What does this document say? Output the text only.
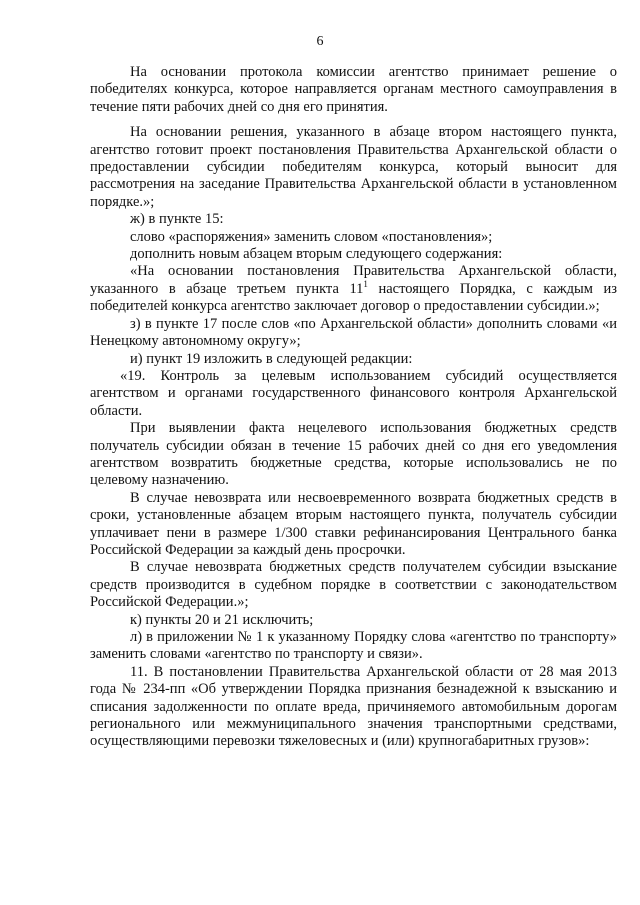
6

На основании протокола комиссии агентство принимает решение о победителях конкурса, которое направляется органам местного самоуправления в течение пяти рабочих дней со дня его принятия.

На основании решения, указанного в абзаце втором настоящего пункта, агентство готовит проект постановления Правительства Архангельской области о предоставлении субсидии победителям конкурса, который выносит для рассмотрения на заседание Правительства Архангельской области в установленном порядке.»;

ж) в пункте 15:

слово «распоряжения» заменить словом «постановления»;

дополнить новым абзацем вторым следующего содержания:

«На основании постановления Правительства Архангельской области, указанного в абзаце третьем пункта $11^1$ настоящего Порядка, с каждым из победителей конкурса агентство заключает договор о предоставлении субсидии.»;

з) в пункте 17 после слов «по Архангельской области» дополнить словами «и Ненецкому автономному округу»;

и) пункт 19 изложить в следующей редакции:

«19. Контроль за целевым использованием субсидий осуществляется агентством и органами государственного финансового контроля Архангельской области.

При выявлении факта нецелевого использования бюджетных средств получатель субсидии обязан в течение 15 рабочих дней со дня его уведомления агентством возвратить бюджетные средства, которые использовались не по целевому назначению.

В случае невозврата или несвоевременного возврата бюджетных средств в сроки, установленные абзацем вторым настоящего пункта, получатель субсидии уплачивает пени в размере 1/300 ставки рефинансирования Центрального банка Российской Федерации за каждый день просрочки.

В случае невозврата бюджетных средств получателем субсидии взыскание средств производится в судебном порядке в соответствии с законодательством Российской Федерации.»;

к) пункты 20 и 21 исключить;

л) в приложении № 1 к указанному Порядку слова «агентство по транспорту» заменить словами «агентство по транспорту и связи».

11. В постановлении Правительства Архангельской области от 28 мая 2013 года № 234-пп «Об утверждении Порядка признания безнадежной к взысканию и списания задолженности по оплате вреда, причиняемого автомобильным дорогам регионального или межмуниципального значения транспортными средствами, осуществляющими перевозки тяжеловесных и (или) крупногабаритных грузов»:
